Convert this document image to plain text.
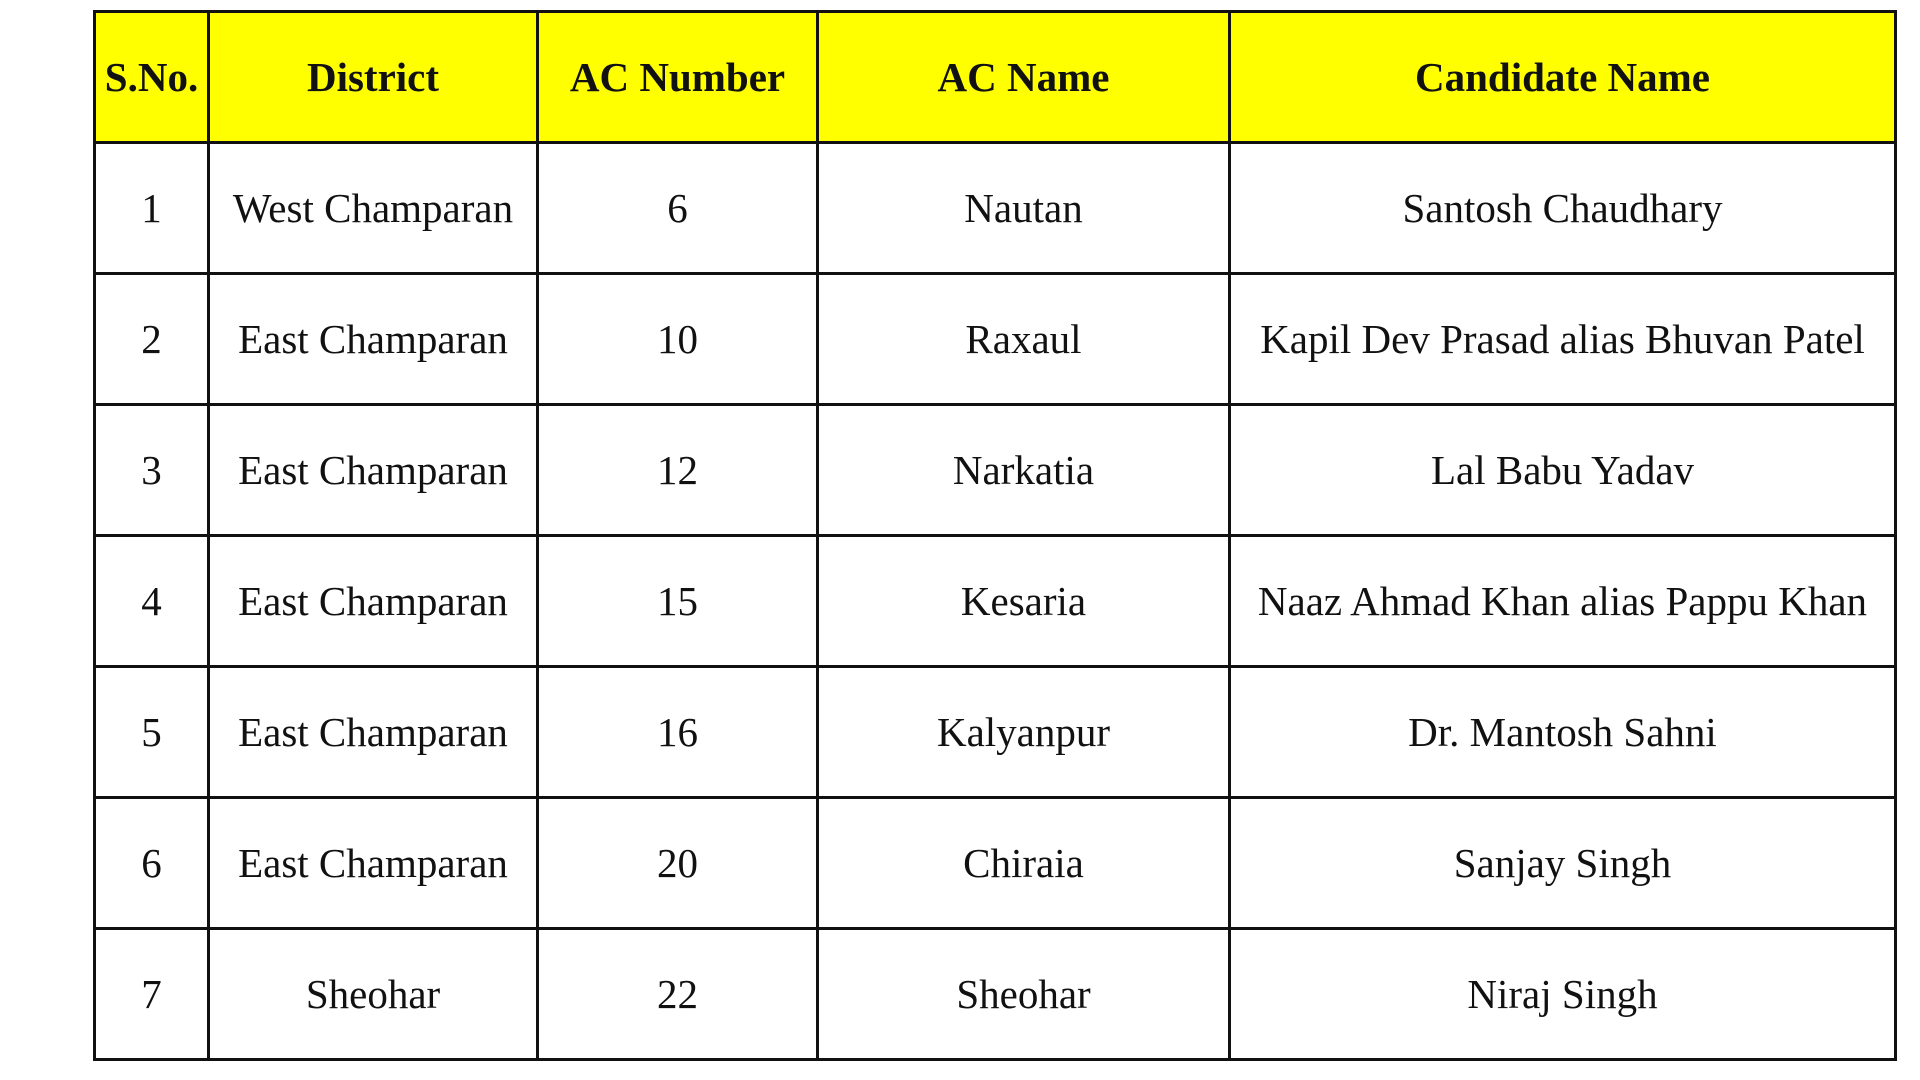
S.No.	District	AC Number	AC Name	Candidate Name
1	West Champaran	6	Nautan	Santosh Chaudhary
2	East Champaran	10	Raxaul	Kapil Dev Prasad alias Bhuvan Patel
3	East Champaran	12	Narkatia	Lal Babu Yadav
4	East Champaran	15	Kesaria	Naaz Ahmad Khan alias Pappu Khan
5	East Champaran	16	Kalyanpur	Dr. Mantosh Sahni
6	East Champaran	20	Chiraia	Sanjay Singh
7	Sheohar	22	Sheohar	Niraj Singh
